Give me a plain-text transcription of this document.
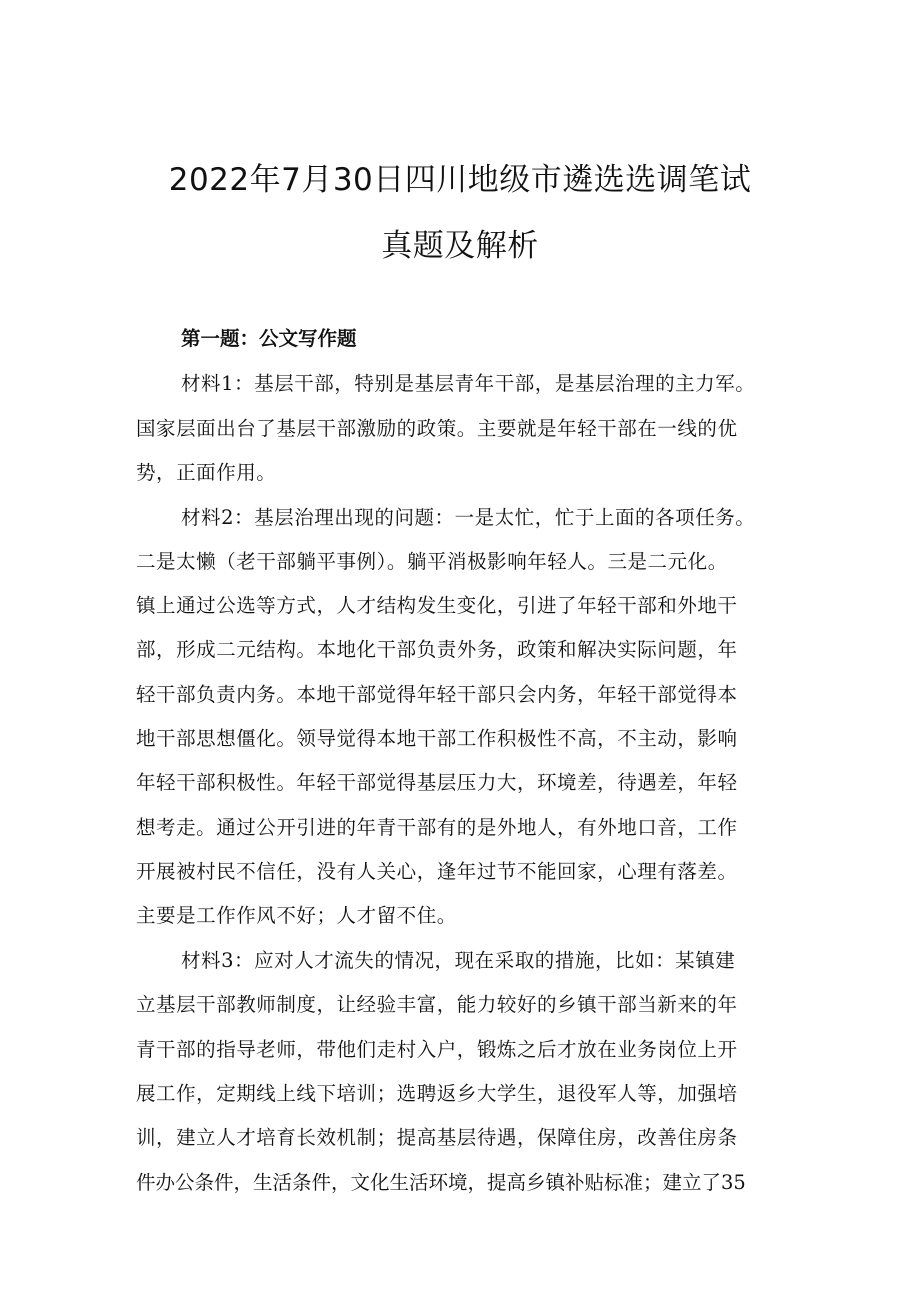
2022年7月30日四川地级市遴选选调笔试
真题及解析
第一题：公文写作题

材料1：基层干部，特别是基层青年干部，是基层治理的主力军。

国家层面出台了基层干部激励的政策。主要就是年轻干部在一线的优

势，正面作用。

材料2：基层治理出现的问题：一是太忙，忙于上面的各项任务。

二是太懒（老干部躺平事例）。躺平消极影响年轻人。三是二元化。

镇上通过公选等方式，人才结构发生变化，引进了年轻干部和外地干

部，形成二元结构。本地化干部负责外务，政策和解决实际问题，年

轻干部负责内务。本地干部觉得年轻干部只会内务，年轻干部觉得本

地干部思想僵化。领导觉得本地干部工作积极性不高，不主动，影响

年轻干部积极性。年轻干部觉得基层压力大，环境差，待遇差，年轻

想考走。通过公开引进的年青干部有的是外地人，有外地口音，工作

开展被村民不信任，没有人关心，逢年过节不能回家，心理有落差。

主要是工作作风不好；人才留不住。

材料3：应对人才流失的情况，现在采取的措施，比如：某镇建

立基层干部教师制度，让经验丰富，能力较好的乡镇干部当新来的年

青干部的指导老师，带他们走村入户，锻炼之后才放在业务岗位上开

展工作，定期线上线下培训；选聘返乡大学生，退役军人等，加强培

训，建立人才培育长效机制；提高基层待遇，保障住房，改善住房条

件办公条件，生活条件，文化生活环境，提高乡镇补贴标准；建立了35
